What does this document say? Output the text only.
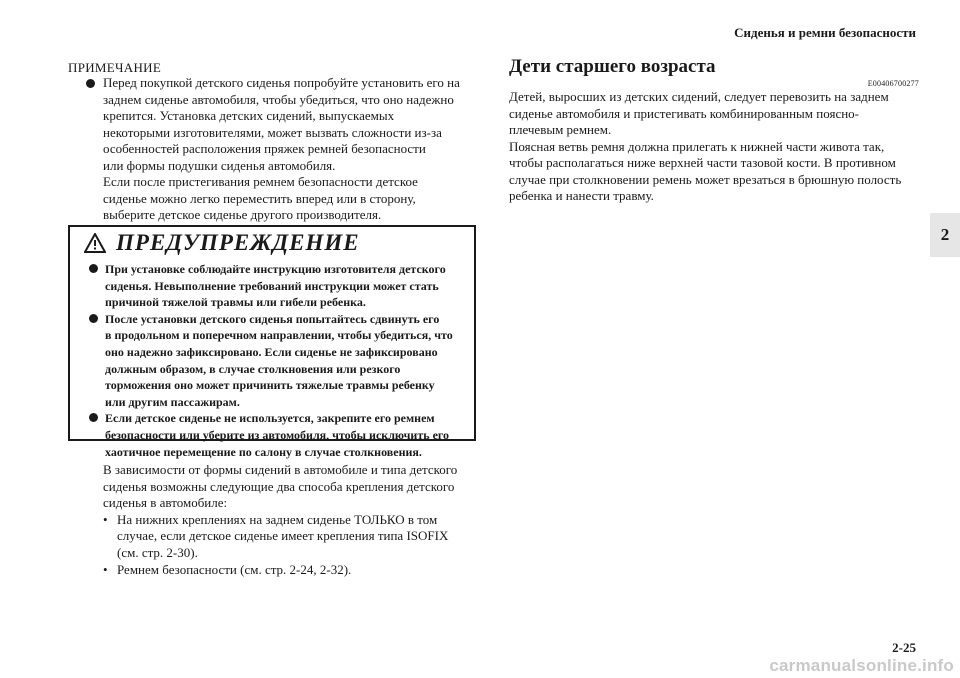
Сиденья и ремни безопасности
2
ПРИМЕЧАНИЕ

Перед покупкой детского сиденья попробуйте установить его на

заднем сиденье автомобиля, чтобы убедиться, что оно надежно

крепится. Установка детских сидений, выпускаемых

некоторыми изготовителями, может вызвать сложности из-за

особенностей расположения пряжек ремней безопасности

или формы подушки сиденья автомобиля.

Если после пристегивания ремнем безопасности детское

сиденье можно легко переместить вперед или в сторону,

выберите детское сиденье другого производителя.

ПРЕДУПРЕЖДЕНИЕ

При установке соблюдайте инструкцию изготовителя детского

сиденья. Невыполнение требований инструкции может стать

причиной тяжелой травмы или гибели ребенка.

После установки детского сиденья попытайтесь сдвинуть его

в продольном и поперечном направлении, чтобы убедиться, что

оно надежно зафиксировано. Если сиденье не зафиксировано

должным образом, в случае столкновения или резкого

торможения оно может причинить тяжелые травмы ребенку

или другим пассажирам.

Если детское сиденье не используется, закрепите его ремнем

безопасности или уберите из автомобиля, чтобы исключить его

хаотичное перемещение по салону в случае столкновения.

В зависимости от формы сидений в автомобиле и типа детского

сиденья возможны следующие два способа крепления детского

сиденья в автомобиле:

• На нижних креплениях на заднем сиденье ТОЛЬКО в том

случае, если детское сиденье имеет крепления типа ISOFIX

(см. стр. 2-30).

• Ремнем безопасности (см. стр. 2-24, 2-32).

Дети старшего возраста
E00406700277

Детей, выросших из детских сидений, следует перевозить на заднем

сиденье автомобиля и пристегивать комбинированным поясно-

плечевым ремнем.

Поясная ветвь ремня должна прилегать к нижней части живота так,

чтобы располагаться ниже верхней части тазовой кости. В противном

случае при столкновении ремень может врезаться в брюшную полость

ребенка и нанести травму.

2-25
carmanualsonline.info
